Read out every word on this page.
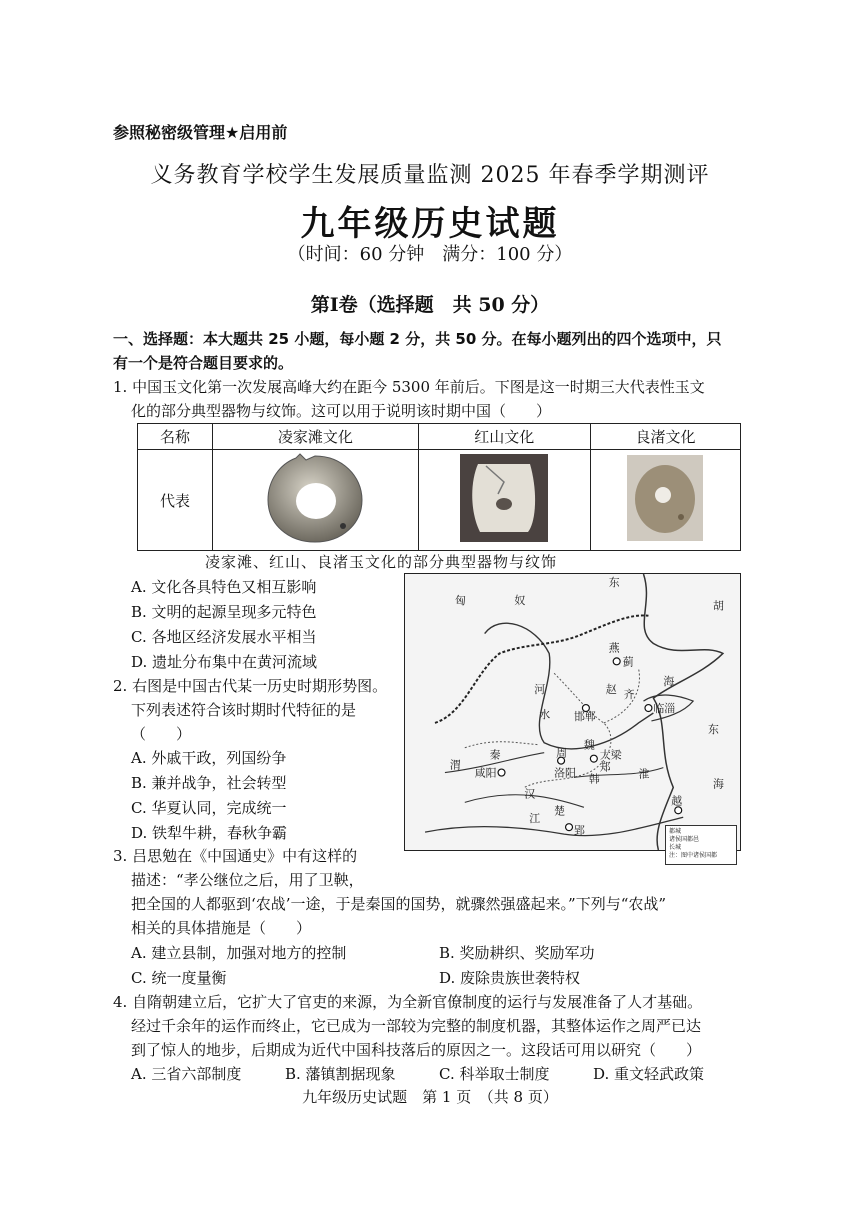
参照秘密级管理★启用前
义务教育学校学生发展质量监测 2025 年春季学期测评
九年级历史试题
（时间：60 分钟　满分：100 分）
第Ⅰ卷（选择题　共 50 分）
一、选择题：本大题共 25 小题，每小题 2 分，共 50 分。在每小题列出的四个选项中，只
有一个是符合题目要求的。
1. 中国玉文化第一次发展高峰大约在距今 5300 年前后。下图是这一时期三大代表性玉文
化的部分典型器物与纹饰。这可以用于说明该时期中国（　　）
名称	凌家滩文化	红山文化	良渚文化
代表			
凌家滩、红山、良渚玉文化的部分典型器物与纹饰
A. 文化各具特色又相互影响
B. 文明的起源呈现多元特色
C. 各地区经济发展水平相当
D. 遗址分布集中在黄河流域
2. 右图是中国古代某一历史时期形势图。
下列表述符合该时期时代特征的是
（　　）
A. 外戚干政，列国纷争
B. 兼并战争，社会转型
C. 华夏认同，完成统一
D. 铁犁牛耕，春秋争霸
东
匈	奴	胡
燕
蓟
赵
邯郸
齐
临淄
海
东
河
水
周
魏
大梁
秦
咸阳	洛阳 郑
韩
渭
淮
汉
楚
江
郢
越
海
都城
诸侯国都邑
长城
注：图中诸侯国都
3. 吕思勉在《中国通史》中有这样的
描述：“孝公继位之后，用了卫鞅，
把全国的人都驱到‘农战’一途，于是秦国的国势，就骤然强盛起来。”下列与“农战”
相关的具体措施是（　　）
A. 建立县制，加强对地方的控制	B. 奖励耕织、奖励军功
C. 统一度量衡	D. 废除贵族世袭特权
4. 自隋朝建立后，它扩大了官吏的来源，为全新官僚制度的运行与发展准备了人才基础。
经过千余年的运作而终止，它已成为一部较为完整的制度机器，其整体运作之周严已达
到了惊人的地步，后期成为近代中国科技落后的原因之一。这段话可用以研究（　　）
A. 三省六部制度	B. 藩镇割据现象	C. 科举取士制度	D. 重文轻武政策
九年级历史试题　第 1 页　（共 8 页）
